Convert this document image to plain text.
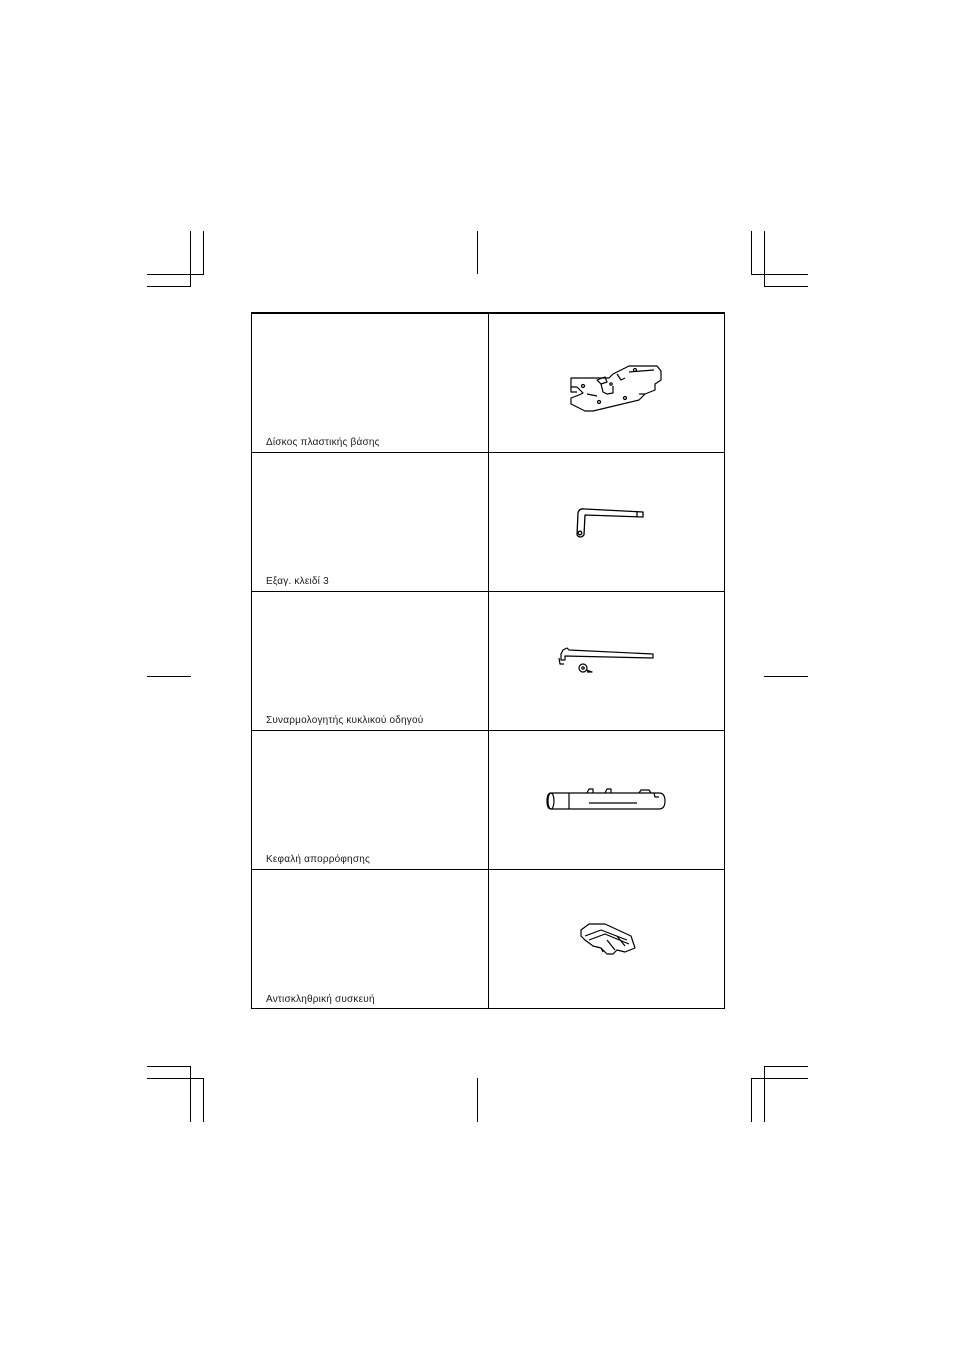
Δίσκος πλαστικής βάσης
Εξαγ. κλειδί 3
Συναρμολογητής κυκλικού οδηγού
Κεφαλή απορρόφησης
Αντισκληθρική συσκευή
